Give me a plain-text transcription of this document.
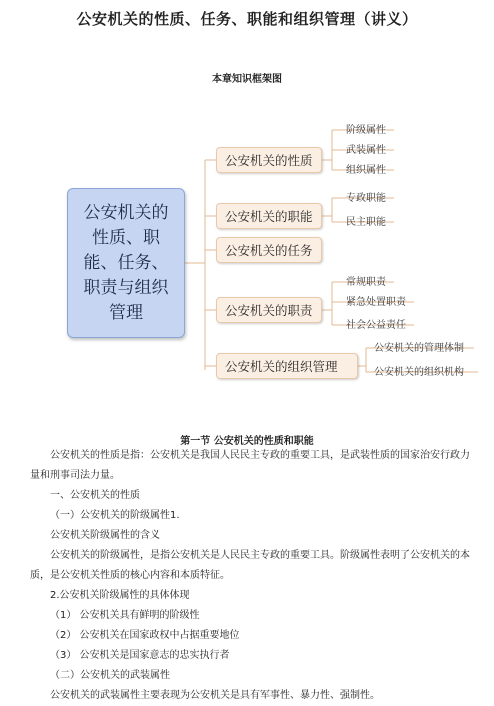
公安机关的性质、任务、职能和组织管理（讲义）
本章知识框架图
公安机关的
性质、职
能、任务、
职责与组织
管理
公安机关的性质
公安机关的职能
公安机关的任务
公安机关的职责
公安机关的组织管理
阶级属性
武装属性
组织属性
专政职能
民主职能
常规职责
紧急处置职责
社会公益责任
公安机关的管理体制
公安机关的组织机构
第一节 公安机关的性质和职能

公安机关的性质是指：公安机关是我国人民民主专政的重要工具，是武装性质的国家治安行政力量和刑事司法力量。

一、公安机关的性质

（一）公安机关的阶级属性1.

公安机关阶级属性的含义

公安机关的阶级属性，是指公安机关是人民民主专政的重要工具。阶级属性表明了公安机关的本质，是公安机关性质的核心内容和本质特征。

2.公安机关阶级属性的具体体现

（1） 公安机关具有鲜明的阶级性

（2） 公安机关在国家政权中占据重要地位

（3） 公安机关是国家意志的忠实执行者

（二）公安机关的武装属性

公安机关的武装属性主要表现为公安机关是具有军事性、暴力性、强制性。
